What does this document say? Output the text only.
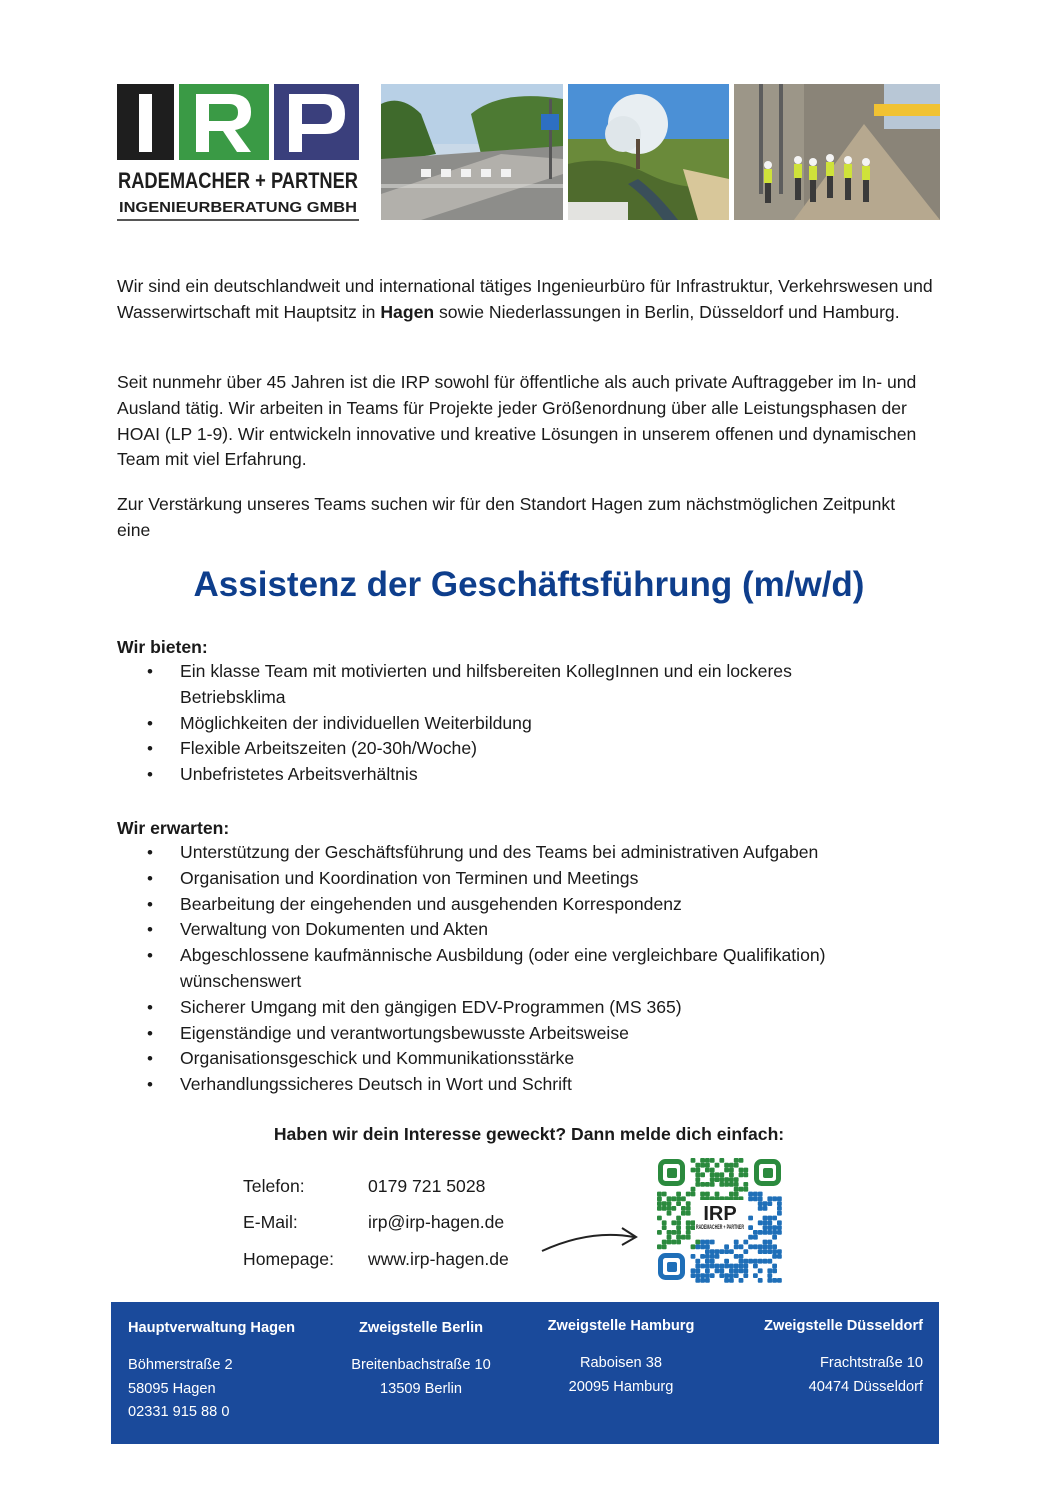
RADEMACHER + PARTNER
INGENIEURBERATUNG GMBH

Wir sind ein deutschlandweit und international tätiges Ingenieurbüro für Infrastruktur, Verkehrswesen und Wasserwirtschaft mit Hauptsitz in Hagen sowie Niederlassungen in Berlin, Düsseldorf und Hamburg.

Seit nunmehr über 45 Jahren ist die IRP sowohl für öffentliche als auch private Auftraggeber im In- und Ausland tätig. Wir arbeiten in Teams für Projekte jeder Größenordnung über alle Leistungsphasen der HOAI (LP 1-9). Wir entwickeln innovative und kreative Lösungen in unserem offenen und dynamischen Team mit viel Erfahrung.

Zur Verstärkung unseres Teams suchen wir für den Standort Hagen zum nächstmöglichen Zeitpunkt eine

Assistenz der Geschäftsführung (m/w/d)

Wir bieten:

• Ein klasse Team mit motivierten und hilfsbereiten KollegInnen und ein lockeres Betriebsklima
• Möglichkeiten der individuellen Weiterbildung
• Flexible Arbeitszeiten (20-30h/Woche)
• Unbefristetes Arbeitsverhältnis

Wir erwarten:

• Unterstützung der Geschäftsführung und des Teams bei administrativen Aufgaben
• Organisation und Koordination von Terminen und Meetings
• Bearbeitung der eingehenden und ausgehenden Korrespondenz
• Verwaltung von Dokumenten und Akten
• Abgeschlossene kaufmännische Ausbildung (oder eine vergleichbare Qualifikation) wünschenswert
• Sicherer Umgang mit den gängigen EDV-Programmen (MS 365)
• Eigenständige und verantwortungsbewusste Arbeitsweise
• Organisationsgeschick und Kommunikationsstärke
• Verhandlungssicheres Deutsch in Wort und Schrift

Haben wir dein Interesse geweckt? Dann melde dich einfach:

Telefon:	0179 721 5028

E-Mail:	irp@irp-hagen.de

Homepage: www.irp-hagen.de

IRP
RADEMACHER + PARTNER

Hauptverwaltung Hagen

Böhmerstraße 2

58095 Hagen

02331 915 88 0

Zweigstelle Berlin

Breitenbachstraße 10

13509 Berlin

Zweigstelle Hamburg

Raboisen 38

20095 Hamburg

Zweigstelle Düsseldorf

Frachtstraße 10

40474 Düsseldorf
